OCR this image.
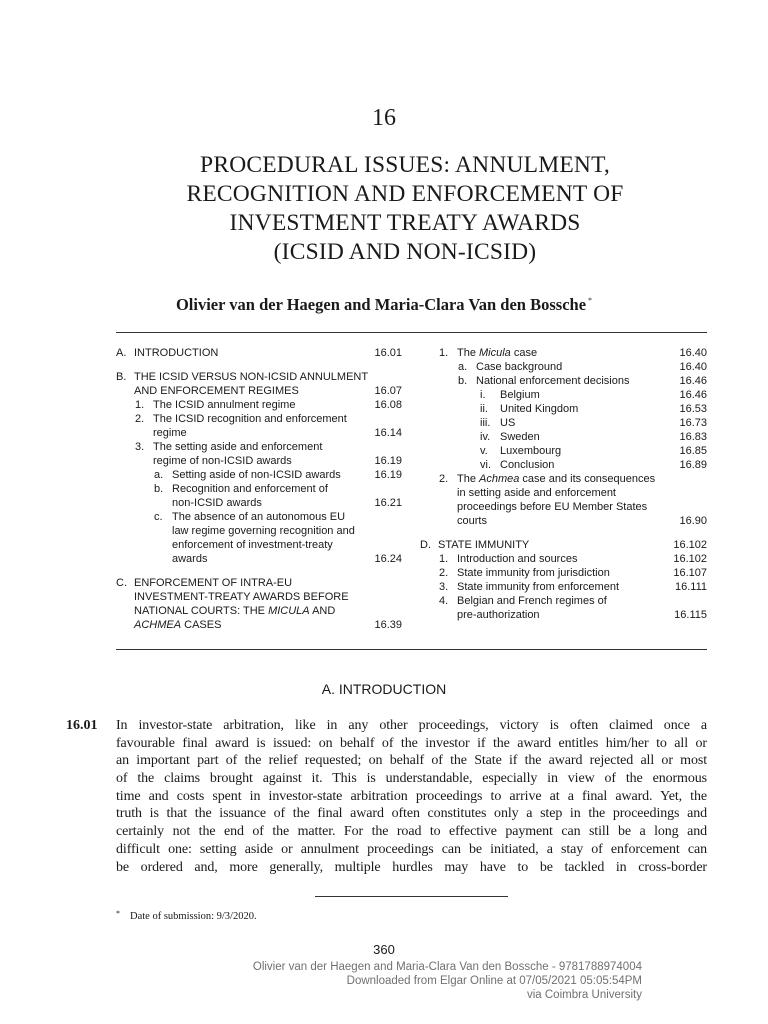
16
PROCEDURAL ISSUES: ANNULMENT,
RECOGNITION AND ENFORCEMENT OF
INVESTMENT TREATY AWARDS
(ICSID AND NON-ICSID)
Olivier van der Haegen and Maria-Clara Van den Bossche *
A. INTRODUCTION	16.01
B. THE ICSID VERSUS NON-ICSID ANNULMENT
AND ENFORCEMENT REGIMES	16.07
1. The ICSID annulment regime	16.08
2. The ICSID recognition and enforcement
regime	16.14
3. The setting aside and enforcement
regime of non-ICSID awards	16.19
a. Setting aside of non-ICSID awards	16.19
b. Recognition and enforcement of
non-ICSID awards	16.21
c. The absence of an autonomous EU
law regime governing recognition and
enforcement of investment-treaty
awards	16.24
C. ENFORCEMENT OF INTRA-EU
INVESTMENT-TREATY AWARDS BEFORE
NATIONAL COURTS: THE MICULA AND
ACHMEA CASES	16.39
1. The Micula case	16.40
a. Case background	16.40
b. National enforcement decisions	16.46
i. Belgium	16.46
ii. United Kingdom	16.53
iii. US	16.73
iv. Sweden	16.83
v. Luxembourg	16.85
vi. Conclusion	16.89
2. The Achmea case and its consequences
in setting aside and enforcement
proceedings before EU Member States
courts	16.90
D. STATE IMMUNITY	16.102
1. Introduction and sources	16.102
2. State immunity from jurisdiction	16.107
3. State immunity from enforcement	16.111
4. Belgian and French regimes of
pre-authorization	16.115
A. INTRODUCTION
16.01 In investor-state arbitration, like in any other proceedings, victory is often claimed once a
favourable final award is issued: on behalf of the investor if the award entitles him/her to all or
an important part of the relief requested; on behalf of the State if the award rejected all or most
of the claims brought against it. This is understandable, especially in view of the enormous
time and costs spent in investor-state arbitration proceedings to arrive at a final award. Yet, the
truth is that the issuance of the final award often constitutes only a step in the proceedings and
certainly not the end of the matter. For the road to effective payment can still be a long and
difficult one: setting aside or annulment proceedings can be initiated, a stay of enforcement can
be ordered and, more generally, multiple hurdles may have to be tackled in cross-border
* Date of submission: 9/3/2020.
360
Olivier van der Haegen and Maria-Clara Van den Bossche - 9781788974004
Downloaded from Elgar Online at 07/05/2021 05:05:54PM
via Coimbra University
